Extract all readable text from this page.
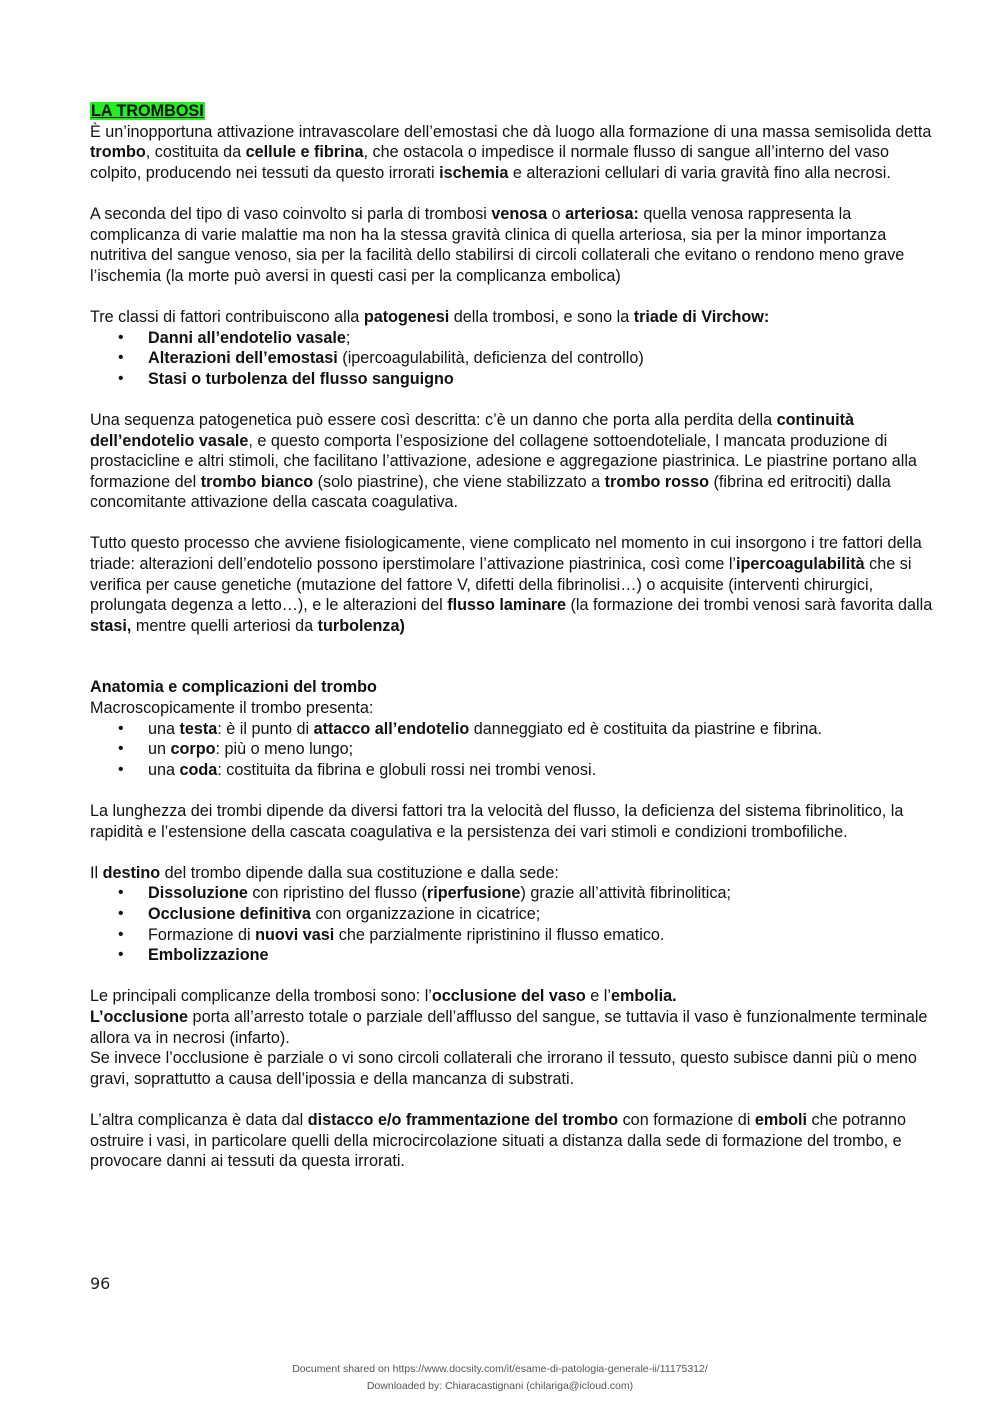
LA TROMBOSI

È un’inopportuna attivazione intravascolare dell’emostasi che dà luogo alla formazione di una massa semisolida detta trombo, costituita da cellule e fibrina, che ostacola o impedisce il normale flusso di sangue all’interno del vaso colpito, producendo nei tessuti da questo irrorati ischemia e alterazioni cellulari di varia gravità fino alla necrosi.

A seconda del tipo di vaso coinvolto si parla di trombosi venosa o arteriosa: quella venosa rappresenta la complicanza di varie malattie ma non ha la stessa gravità clinica di quella arteriosa, sia per la minor importanza nutritiva del sangue venoso, sia per la facilità dello stabilirsi di circoli collaterali che evitano o rendono meno grave l’ischemia (la morte può aversi in questi casi per la complicanza embolica)

Tre classi di fattori contribuiscono alla patogenesi della trombosi, e sono la triade di Virchow:

• Danni all’endotelio vasale;
• Alterazioni dell’emostasi (ipercoagulabilità, deficienza del controllo)
• Stasi o turbolenza del flusso sanguigno

Una sequenza patogenetica può essere così descritta: c’è un danno che porta alla perdita della continuità dell’endotelio vasale, e questo comporta l’esposizione del collagene sottoendoteliale, l mancata produzione di prostacicline e altri stimoli, che facilitano l’attivazione, adesione e aggregazione piastrinica. Le piastrine portano alla formazione del trombo bianco (solo piastrine), che viene stabilizzato a trombo rosso (fibrina ed eritrociti) dalla concomitante attivazione della cascata coagulativa.

Tutto questo processo che avviene fisiologicamente, viene complicato nel momento in cui insorgono i tre fattori della triade: alterazioni dell’endotelio possono iperstimolare l’attivazione piastrinica, così come l’ipercoagulabilità che si verifica per cause genetiche (mutazione del fattore V, difetti della fibrinolisi…) o acquisite (interventi chirurgici, prolungata degenza a letto…), e le alterazioni del flusso laminare (la formazione dei trombi venosi sarà favorita dalla stasi, mentre quelli arteriosi da turbolenza)

Anatomia e complicazioni del trombo

Macroscopicamente il trombo presenta:

• una testa: è il punto di attacco all’endotelio danneggiato ed è costituita da piastrine e fibrina.
• un corpo: più o meno lungo;
• una coda: costituita da fibrina e globuli rossi nei trombi venosi.

La lunghezza dei trombi dipende da diversi fattori tra la velocità del flusso, la deficienza del sistema fibrinolitico, la rapidità e l’estensione della cascata coagulativa e la persistenza dei vari stimoli e condizioni trombofiliche.

Il destino del trombo dipende dalla sua costituzione e dalla sede:

• Dissoluzione con ripristino del flusso (riperfusione) grazie all’attività fibrinolitica;
• Occlusione definitiva con organizzazione in cicatrice;
• Formazione di nuovi vasi che parzialmente ripristinino il flusso ematico.
• Embolizzazione

Le principali complicanze della trombosi sono: l’occlusione del vaso e l’embolia.

L’occlusione porta all’arresto totale o parziale dell’afflusso del sangue, se tuttavia il vaso è funzionalmente terminale allora va in necrosi (infarto).

Se invece l’occlusione è parziale o vi sono circoli collaterali che irrorano il tessuto, questo subisce danni più o meno gravi, soprattutto a causa dell’ipossia e della mancanza di substrati.

L’altra complicanza è data dal distacco e/o frammentazione del trombo con formazione di emboli che potranno ostruire i vasi, in particolare quelli della microcircolazione situati a distanza dalla sede di formazione del trombo, e provocare danni ai tessuti da questa irrorati.

96
Document shared on https://www.docsity.com/it/esame-di-patologia-generale-ii/11175312/
Downloaded by: Chiaracastignani (chilariga@icloud.com)
